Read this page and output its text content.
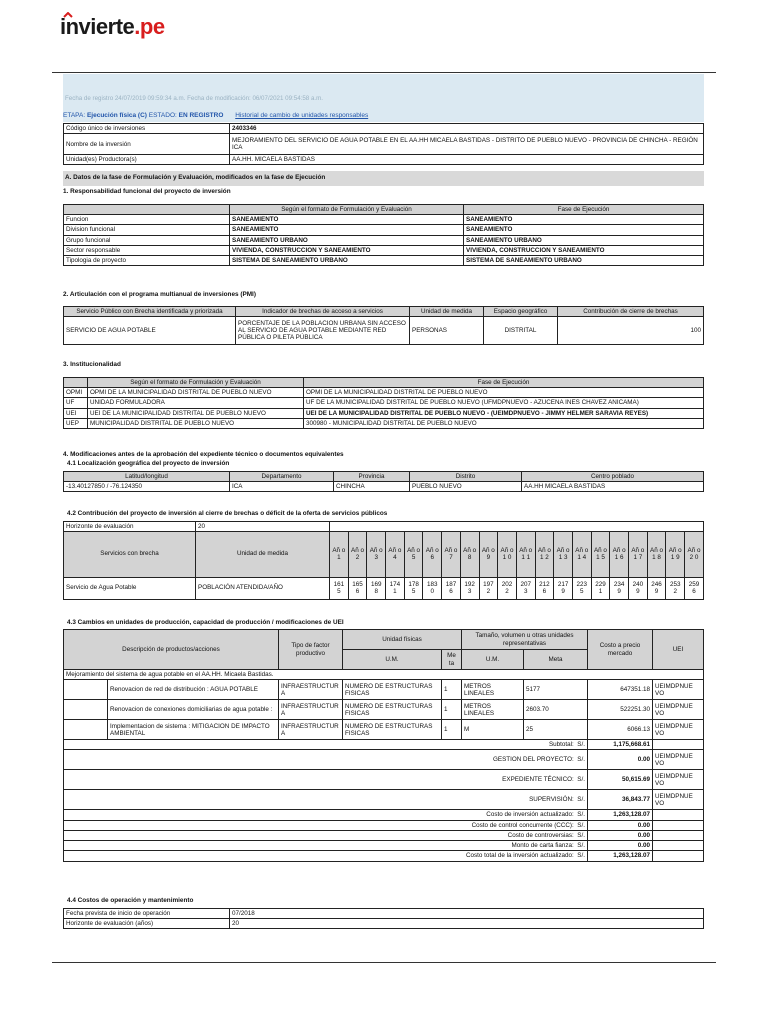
invierte.pe
Fecha de registro 24/07/2019 09:59:34 a.m. Fecha de modificación: 06/07/2021 09:54:58 a.m.
ETAPA: Ejecución física (C) ESTADO: EN REGISTRO Historial de cambio de unidades responsables
Código único de inversiones	2403346
Nombre de la inversión	MEJORAMIENTO DEL SERVICIO DE AGUA POTABLE EN EL AA.HH MICAELA BASTIDAS - DISTRITO DE PUEBLO NUEVO - PROVINCIA DE CHINCHA - REGIÓN ICA
Unidad(es) Productora(s)	AA.HH. MICAELA BASTIDAS
A. Datos de la fase de Formulación y Evaluación, modificados en la fase de Ejecución
1. Responsabilidad funcional del proyecto de inversión
	Según el formato de Formulación y Evaluación	Fase de Ejecución
Funcion	SANEAMIENTO	SANEAMIENTO
Division funcional	SANEAMIENTO	SANEAMIENTO
Grupo funcional	SANEAMIENTO URBANO	SANEAMIENTO URBANO
Sector responsable	VIVIENDA, CONSTRUCCION Y SANEAMIENTO	VIVIENDA, CONSTRUCCION Y SANEAMIENTO
Tipologia de proyecto	SISTEMA DE SANEAMIENTO URBANO	SISTEMA DE SANEAMIENTO URBANO
2. Articulación con el programa multianual de inversiones (PMI)
Servicio Público con Brecha identificada y priorizada	Indicador de brechas de acceso a servicios	Unidad de medida	Espacio geográfico	Contribución de cierre de brechas
SERVICIO DE AGUA POTABLE	PORCENTAJE DE LA POBLACION URBANA SIN ACCESO AL SERVICIO DE AGUA POTABLE MEDIANTE RED PÚBLICA O PILETA PÚBLICA	PERSONAS	DISTRITAL	100
3. Institucionalidad
	Según el formato de Formulación y Evaluación	Fase de Ejecución
OPMI	OPMI DE LA MUNICIPALIDAD DISTRITAL DE PUEBLO NUEVO	OPMI DE LA MUNICIPALIDAD DISTRITAL DE PUEBLO NUEVO
UF	UNIDAD FORMULADORA	UF DE LA MUNICIPALIDAD DISTRITAL DE PUEBLO NUEVO (UFMDPNUEVO - AZUCENA INES CHAVEZ ANICAMA)
UEI	UEI DE LA MUNICIPALIDAD DISTRITAL DE PUEBLO NUEVO	UEI DE LA MUNICIPALIDAD DISTRITAL DE PUEBLO NUEVO - (UEIMDPNUEVO - JIMMY HELMER SARAVIA REYES)
UEP	MUNICIPALIDAD DISTRITAL DE PUEBLO NUEVO	300980 - MUNICIPALIDAD DISTRITAL DE PUEBLO NUEVO
4. Modificaciones antes de la aprobación del expediente técnico o documentos equivalentes
4.1 Localización geográfica del proyecto de inversión
Latitud/longitud	Departamento	Provincia	Distrito	Centro poblado
-13.40127850 / -76.124350	ICA	CHINCHA	PUEBLO NUEVO	AA.HH MICAELA BASTIDAS
4.2 Contribución del proyecto de inversión al cierre de brechas o déficit de la oferta de servicios públicos
Horizonte de evaluación	20																				
Servicios con brecha	Unidad de medida	Añ o 1	Añ o 2	Añ o 3	Añ o 4	Añ o 5	Añ o 6	Añ o 7	Añ o 8	Añ o 9	Añ o 1 0	Añ o 1 1	Añ o 1 2	Añ o 1 3	Añ o 1 4	Añ o 1 5	Añ o 1 6	Añ o 1 7	Añ o 1 8	Añ o 1 9	Añ o 2 0
Servicio de Agua Potable	POBLACIÓN ATENDIDA/AÑO	161 5	165 6	169 8	174 1	178 5	183 0	187 6	192 3	197 2	202 2	207 3	212 6	217 9	223 5	229 1	234 9	240 9	246 9	253 2	259 6
4.3 Cambios en unidades de producción, capacidad de producción / modificaciones de UEI
Descripción de productos/acciones		Tipo de factor productivo	Unidad físicas		Tamaño, volumen u otras unidades representativas		Costo a precio mercado	UEI
			U.M.	Me ta	U.M.	Meta		
Mejoramiento del sistema de agua potable en el AA.HH. Micaela Bastidas.								
	Renovacion de red de distribución : AGUA POTABLE	INFRAESTRUCTUR A	NUMERO DE ESTRUCTURAS FISICAS	1	METROS LINEALES	5177	647351.18	UEIMDPNUE VO
	Renovacion de conexiones domiciliarias de agua potable :	INFRAESTRUCTUR A	NUMERO DE ESTRUCTURAS FISICAS	1	METROS LINEALES	2603.70	522251.30	UEIMDPNUE VO
	Implementacion de sistema : MITIGACION DE IMPACTO AMBIENTAL	INFRAESTRUCTUR A	NUMERO DE ESTRUCTURAS FISICAS	1	M	25	6066.13	UEIMDPNUE VO
Subtotal: S/.							1,175,668.61	
GESTION DEL PROYECTO: S/.							0.00	UEIMDPNUE VO
EXPEDIENTE TÉCNICO: S/.							50,615.69	UEIMDPNUE VO
SUPERVISIÓN: S/.							36,843.77	UEIMDPNUE VO
Costo de inversión actualizado: S/.							1,263,128.07	
Costo de control concurrente (CCC): S/.							0.00	
Costo de controversias: S/.							0.00	
Monto de carta fianza: S/.							0.00	
Costo total de la inversión actualizado: S/.							1,263,128.07	
4.4 Costos de operación y mantenimiento
Fecha prevista de inicio de operación	07/2018
Horizonte de evaluación (años)	20
